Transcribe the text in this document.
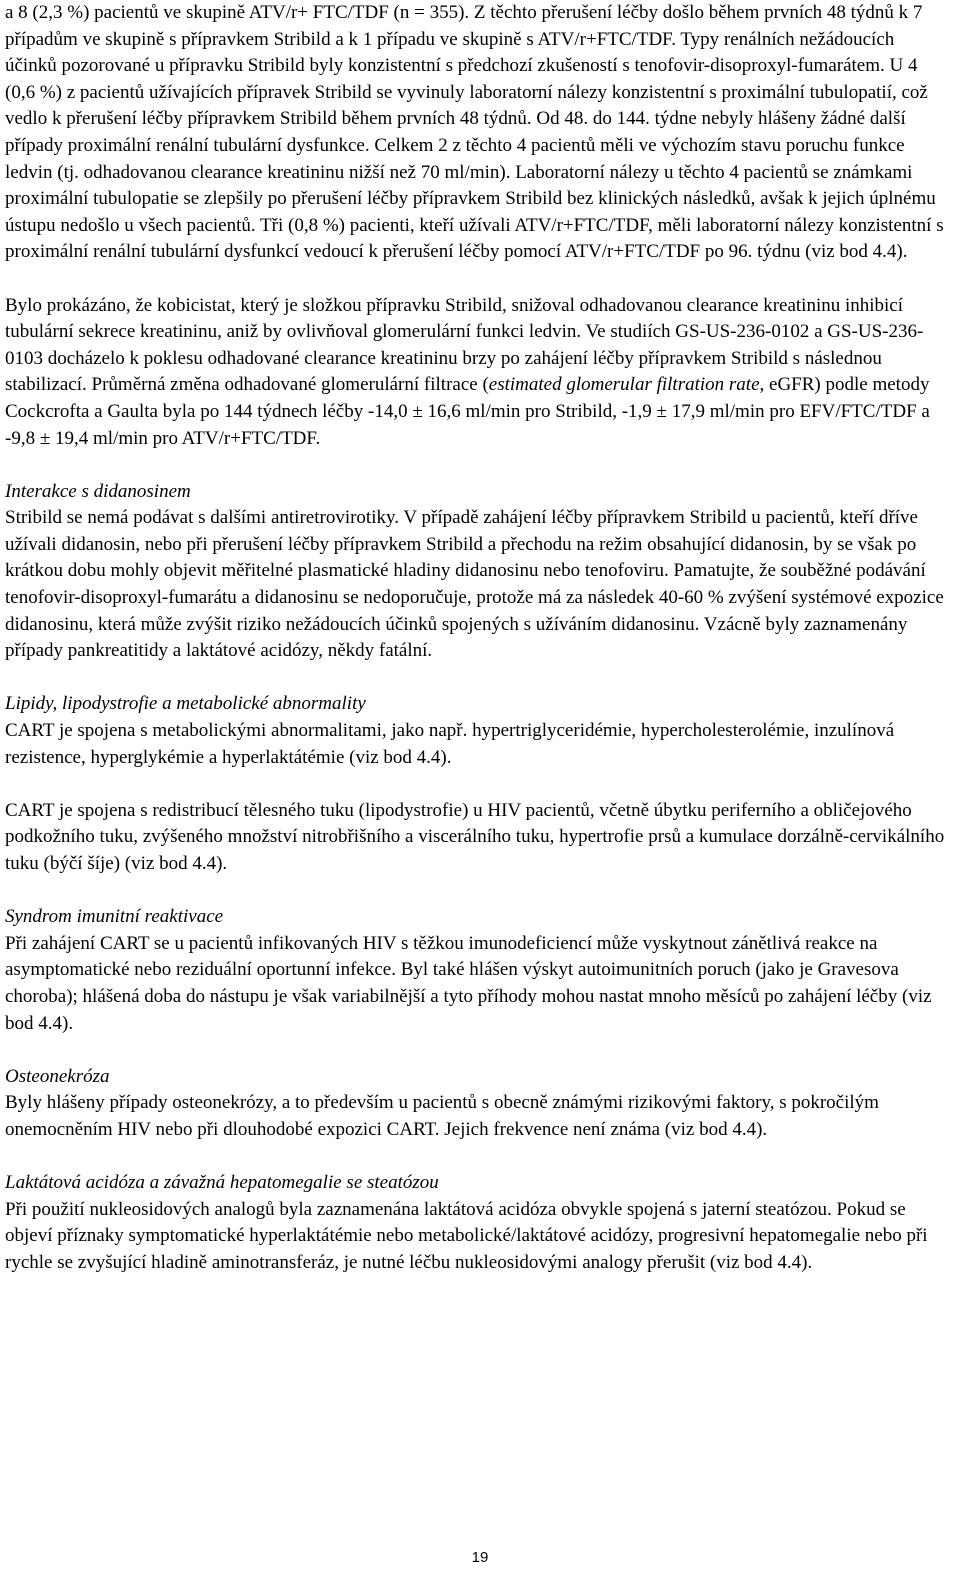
a 8 (2,3 %) pacientů ve skupině ATV/r+ FTC/TDF (n = 355). Z těchto přerušení léčby došlo během prvních 48 týdnů k 7 případům ve skupině s přípravkem Stribild a k 1 případu ve skupině s ATV/r+FTC/TDF. Typy renálních nežádoucích účinků pozorované u přípravku Stribild byly konzistentní s předchozí zkušeností s tenofovir-disoproxyl-fumarátem. U 4 (0,6 %) z pacientů užívajících přípravek Stribild se vyvinuly laboratorní nálezy konzistentní s proximální tubulopatií, což vedlo k přerušení léčby přípravkem Stribild během prvních 48 týdnů. Od 48. do 144. týdne nebyly hlášeny žádné další případy proximální renální tubulární dysfunkce. Celkem 2 z těchto 4 pacientů měli ve výchozím stavu poruchu funkce ledvin (tj. odhadovanou clearance kreatininu nižší než 70 ml/min). Laboratorní nálezy u těchto 4 pacientů se známkami proximální tubulopatie se zlepšily po přerušení léčby přípravkem Stribild bez klinických následků, avšak k jejich úplnému ústupu nedošlo u všech pacientů. Tři (0,8 %) pacienti, kteří užívali ATV/r+FTC/TDF, měli laboratorní nálezy konzistentní s proximální renální tubulární dysfunkcí vedoucí k přerušení léčby pomocí ATV/r+FTC/TDF po 96. týdnu (viz bod 4.4).

Bylo prokázáno, že kobicistat, který je složkou přípravku Stribild, snižoval odhadovanou clearance kreatininu inhibicí tubulární sekrece kreatininu, aniž by ovlivňoval glomerulární funkci ledvin. Ve studiích GS-US-236-0102 a GS-US-236-0103 docházelo k poklesu odhadované clearance kreatininu brzy po zahájení léčby přípravkem Stribild s následnou stabilizací. Průměrná změna odhadované glomerulární filtrace (estimated glomerular filtration rate, eGFR) podle metody Cockcrofta a Gaulta byla po 144 týdnech léčby -14,0 ± 16,6 ml/min pro Stribild, -1,9 ± 17,9 ml/min pro EFV/FTC/TDF a -9,8 ± 19,4 ml/min pro ATV/r+FTC/TDF.

Interakce s didanosinem

Stribild se nemá podávat s dalšími antiretrovirotiky. V případě zahájení léčby přípravkem Stribild u pacientů, kteří dříve užívali didanosin, nebo při přerušení léčby přípravkem Stribild a přechodu na režim obsahující didanosin, by se však po krátkou dobu mohly objevit měřitelné plasmatické hladiny didanosinu nebo tenofoviru. Pamatujte, že souběžné podávání tenofovir-disoproxyl-fumarátu a didanosinu se nedoporučuje, protože má za následek 40-60 % zvýšení systémové expozice didanosinu, která může zvýšit riziko nežádoucích účinků spojených s užíváním didanosinu. Vzácně byly zaznamenány případy pankreatitidy a laktátové acidózy, někdy fatální.

Lipidy, lipodystrofie a metabolické abnormality

CART je spojena s metabolickými abnormalitami, jako např. hypertriglyceridémie, hypercholesterolémie, inzulínová rezistence, hyperglykémie a hyperlaktátémie (viz bod 4.4).

CART je spojena s redistribucí tělesného tuku (lipodystrofie) u HIV pacientů, včetně úbytku periferního a obličejového podkožního tuku, zvýšeného množství nitrobřišního a viscerálního tuku, hypertrofie prsů a kumulace dorzálně-cervikálního tuku (býčí šíje) (viz bod 4.4).

Syndrom imunitní reaktivace

Při zahájení CART se u pacientů infikovaných HIV s těžkou imunodeficiencí může vyskytnout zánětlivá reakce na asymptomatické nebo reziduální oportunní infekce. Byl také hlášen výskyt autoimunitních poruch (jako je Gravesova choroba); hlášená doba do nástupu je však variabilnější a tyto příhody mohou nastat mnoho měsíců po zahájení léčby (viz bod 4.4).

Osteonekróza

Byly hlášeny případy osteonekrózy, a to především u pacientů s obecně známými rizikovými faktory, s pokročilým onemocněním HIV nebo při dlouhodobé expozici CART. Jejich frekvence není známa (viz bod 4.4).

Laktátová acidóza a závažná hepatomegalie se steatózou

Při použití nukleosidových analogů byla zaznamenána laktátová acidóza obvykle spojená s jaterní steatózou. Pokud se objeví příznaky symptomatické hyperlaktátémie nebo metabolické/laktátové acidózy, progresivní hepatomegalie nebo při rychle se zvyšující hladině aminotransferáz, je nutné léčbu nukleosidovými analogy přerušit (viz bod 4.4).

19
